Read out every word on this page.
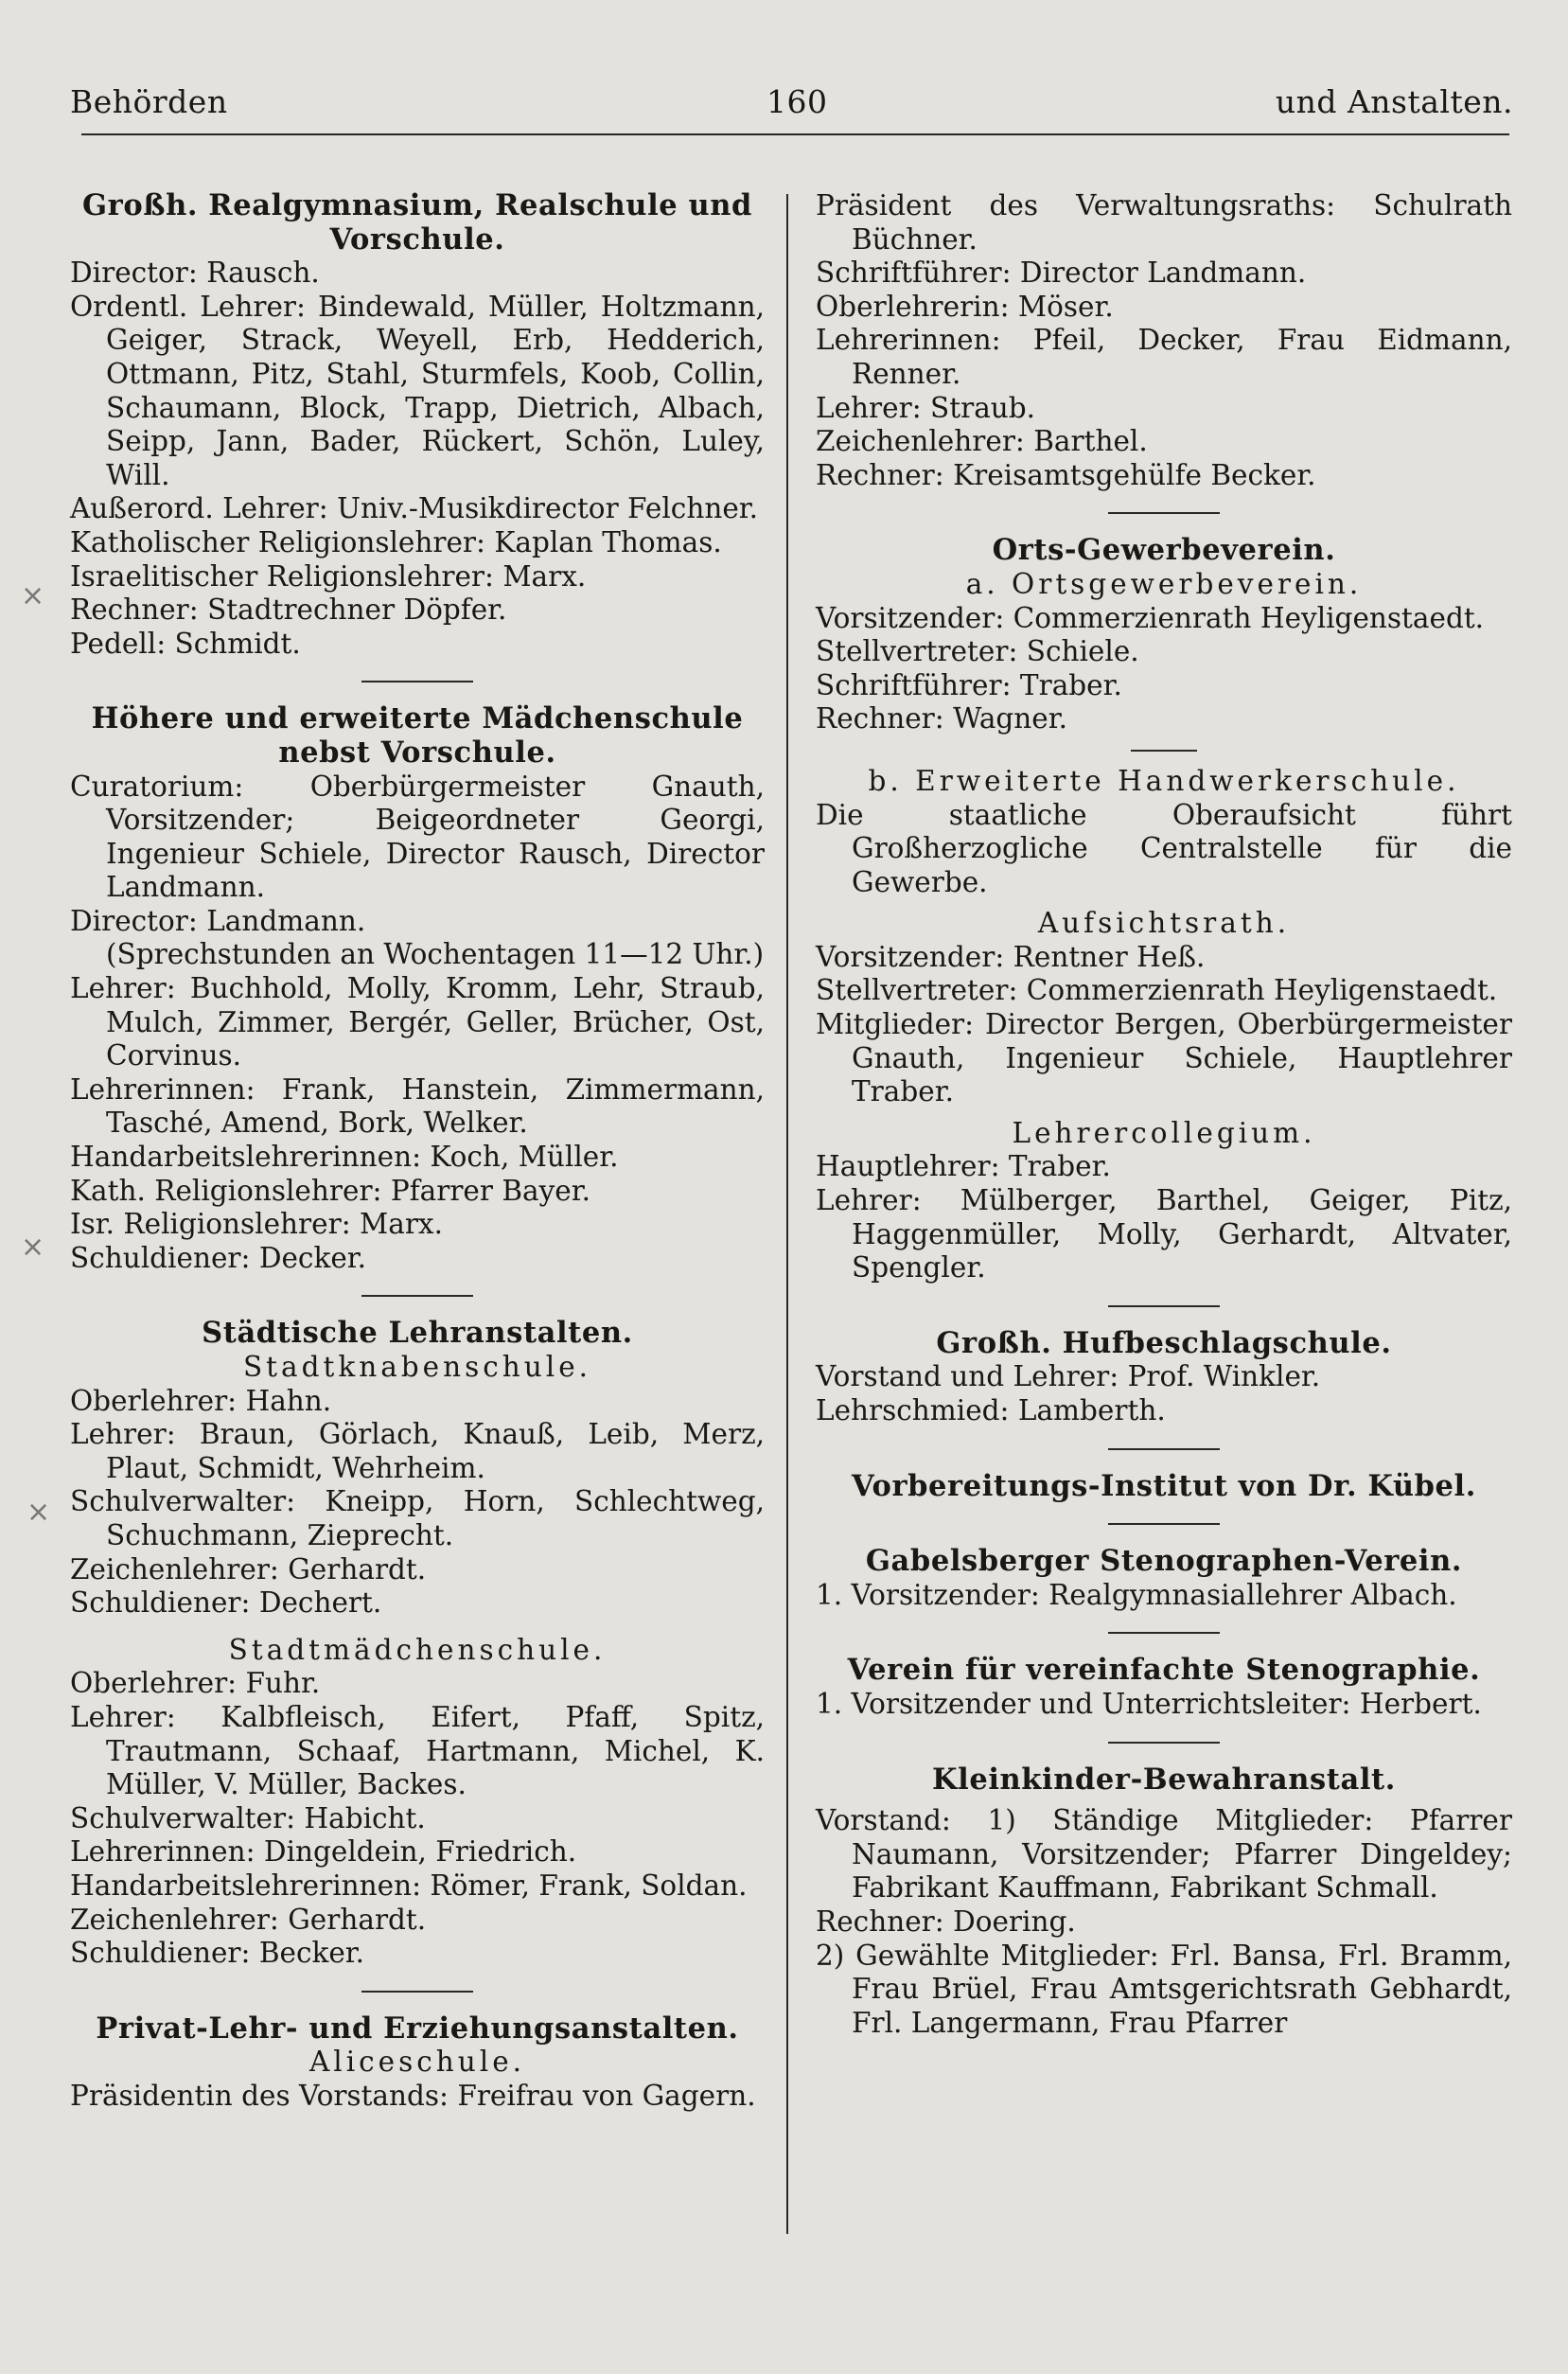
Behörden	160	und Anstalten.
×
×
×
Großh. Realgymnasium, Realschule und Vorschule.
Director: Rausch.
Ordentl. Lehrer: Bindewald, Müller, Holtzmann, Geiger, Strack, Weyell, Erb, Hedderich, Ottmann, Pitz, Stahl, Sturmfels, Koob, Collin, Schaumann, Block, Trapp, Dietrich, Albach, Seipp, Jann, Bader, Rückert, Schön, Luley, Will.
Außerord. Lehrer: Univ.-Musikdirector Felchner.
Katholischer Religionslehrer: Kaplan Thomas.
Israelitischer Religionslehrer: Marx.
Rechner: Stadtrechner Döpfer.
Pedell: Schmidt.
Höhere und erweiterte Mädchenschule nebst Vorschule.
Curatorium: Oberbürgermeister Gnauth, Vorsitzender; Beigeordneter Georgi, Ingenieur Schiele, Director Rausch, Director Landmann.
Director: Landmann.
(Sprechstunden an Wochentagen 11—12 Uhr.)
Lehrer: Buchhold, Molly, Kromm, Lehr, Straub, Mulch, Zimmer, Bergér, Geller, Brücher, Ost, Corvinus.
Lehrerinnen: Frank, Hanstein, Zimmermann, Tasché, Amend, Bork, Welker.
Handarbeitslehrerinnen: Koch, Müller.
Kath. Religionslehrer: Pfarrer Bayer.
Isr. Religionslehrer: Marx.
Schuldiener: Decker.
Städtische Lehranstalten.
Stadtknabenschule.
Oberlehrer: Hahn.
Lehrer: Braun, Görlach, Knauß, Leib, Merz, Plaut, Schmidt, Wehrheim.
Schulverwalter: Kneipp, Horn, Schlechtweg, Schuchmann, Zieprecht.
Zeichenlehrer: Gerhardt.
Schuldiener: Dechert.
Stadtmädchenschule.
Oberlehrer: Fuhr.
Lehrer: Kalbfleisch, Eifert, Pfaff, Spitz, Trautmann, Schaaf, Hartmann, Michel, K. Müller, V. Müller, Backes.
Schulverwalter: Habicht.
Lehrerinnen: Dingeldein, Friedrich.
Handarbeitslehrerinnen: Römer, Frank, Soldan.
Zeichenlehrer: Gerhardt.
Schuldiener: Becker.
Privat-Lehr- und Erziehungsanstalten.
Aliceschule.
Präsidentin des Vorstands: Freifrau von Gagern.
Präsident des Verwaltungsraths: Schulrath Büchner.
Schriftführer: Director Landmann.
Oberlehrerin: Möser.
Lehrerinnen: Pfeil, Decker, Frau Eidmann, Renner.
Lehrer: Straub.
Zeichenlehrer: Barthel.
Rechner: Kreisamtsgehülfe Becker.
Orts-Gewerbeverein.
a. Ortsgewerbeverein.
Vorsitzender: Commerzienrath Heyligenstaedt.
Stellvertreter: Schiele.
Schriftführer: Traber.
Rechner: Wagner.
b. Erweiterte Handwerkerschule.
Die staatliche Oberaufsicht führt Großherzogliche Centralstelle für die Gewerbe.
Aufsichtsrath.
Vorsitzender: Rentner Heß.
Stellvertreter: Commerzienrath Heyligenstaedt.
Mitglieder: Director Bergen, Oberbürgermeister Gnauth, Ingenieur Schiele, Hauptlehrer Traber.
Lehrercollegium.
Hauptlehrer: Traber.
Lehrer: Mülberger, Barthel, Geiger, Pitz, Haggenmüller, Molly, Gerhardt, Altvater, Spengler.
Großh. Hufbeschlagschule.
Vorstand und Lehrer: Prof. Winkler.
Lehrschmied: Lamberth.
Vorbereitungs-Institut von Dr. Kübel.
Gabelsberger Stenographen-Verein.
1. Vorsitzender: Realgymnasiallehrer Albach.
Verein für vereinfachte Stenographie.
1. Vorsitzender und Unterrichtsleiter: Herbert.
Kleinkinder-Bewahranstalt.
Vorstand: 1) Ständige Mitglieder: Pfarrer Naumann, Vorsitzender; Pfarrer Dingeldey; Fabrikant Kauffmann, Fabrikant Schmall.
Rechner: Doering.
2) Gewählte Mitglieder: Frl. Bansa, Frl. Bramm, Frau Brüel, Frau Amtsgerichtsrath Gebhardt, Frl. Langermann, Frau Pfarrer
